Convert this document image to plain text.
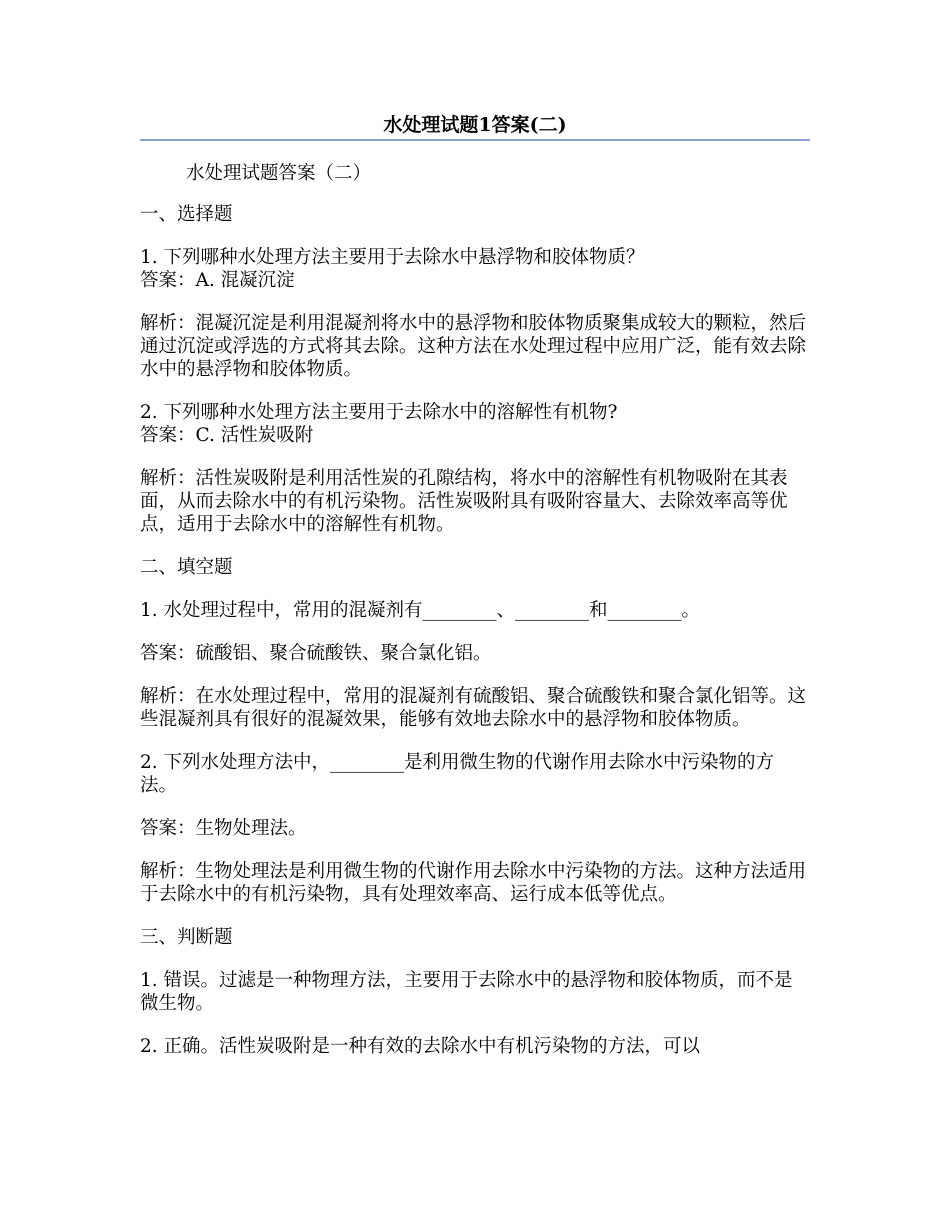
水处理试题1答案(二)

水处理试题答案（二）

一、选择题

1. 下列哪种水处理方法主要用于去除水中悬浮物和胶体物质？

答案：A. 混凝沉淀

解析：混凝沉淀是利用混凝剂将水中的悬浮物和胶体物质聚集成较大的颗粒，然后通过沉淀或浮选的方式将其去除。这种方法在水处理过程中应用广泛，能有效去除水中的悬浮物和胶体物质。

2. 下列哪种水处理方法主要用于去除水中的溶解性有机物?

答案：C. 活性炭吸附

解析：活性炭吸附是利用活性炭的孔隙结构，将水中的溶解性有机物吸附在其表面，从而去除水中的有机污染物。活性炭吸附具有吸附容量大、去除效率高等优点，适用于去除水中的溶解性有机物。

二、填空题

1. 水处理过程中，常用的混凝剂有________、________和________。

答案：硫酸铝、聚合硫酸铁、聚合氯化铝。

解析：在水处理过程中，常用的混凝剂有硫酸铝、聚合硫酸铁和聚合氯化铝等。这些混凝剂具有很好的混凝效果，能够有效地去除水中的悬浮物和胶体物质。

2. 下列水处理方法中，________是利用微生物的代谢作用去除水中污染物的方法。

答案：生物处理法。

解析：生物处理法是利用微生物的代谢作用去除水中污染物的方法。这种方法适用于去除水中的有机污染物，具有处理效率高、运行成本低等优点。

三、判断题

1. 错误。过滤是一种物理方法，主要用于去除水中的悬浮物和胶体物质，而不是微生物。

2. 正确。活性炭吸附是一种有效的去除水中有机污染物的方法，可以
